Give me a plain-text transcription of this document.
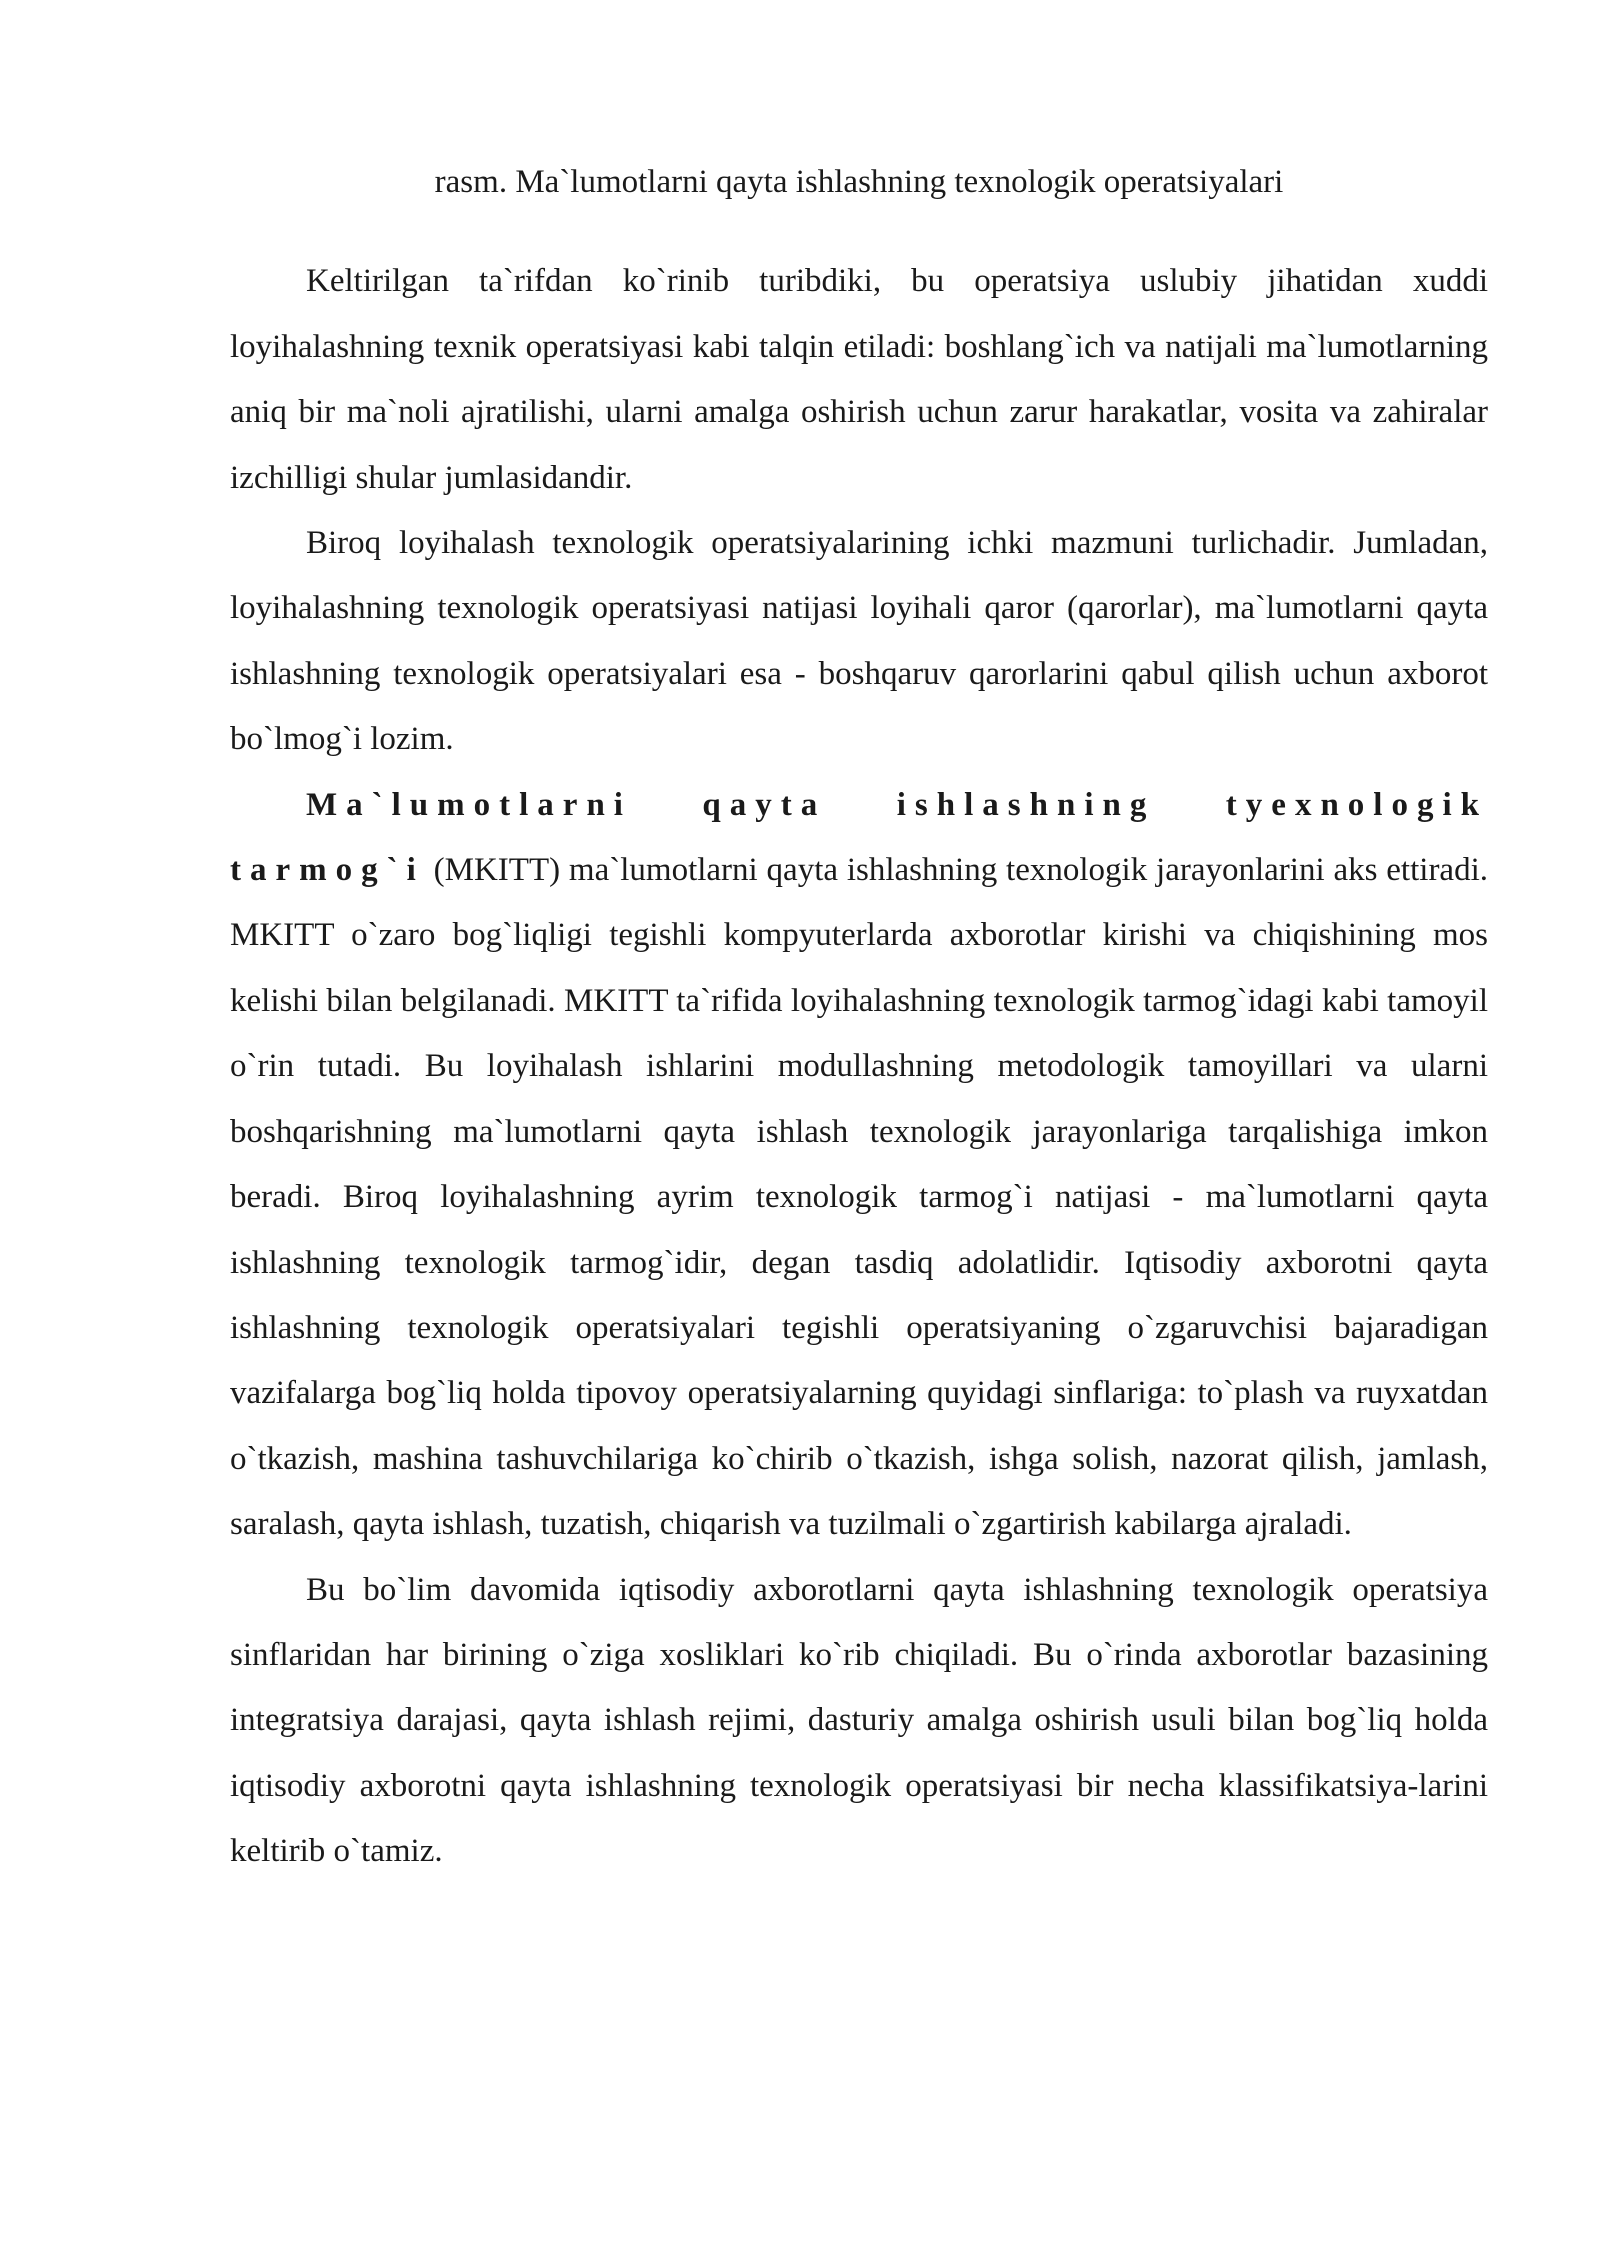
rasm. Ma`lumotlarni qayta ishlashning texnologik operatsiyalari

Keltirilgan ta`rifdan ko`rinib turibdiki, bu operatsiya uslubiy jihatidan xuddi loyihalashning texnik operatsiyasi kabi talqin etiladi: boshlang`ich va natijali ma`lumotlarning aniq bir ma`noli ajratilishi, ularni amalga oshirish uchun zarur harakatlar, vosita va zahiralar izchilligi shular jumlasidandir.

Biroq loyihalash texnologik operatsiyalarining ichki mazmuni turlichadir. Jumladan, loyihalashning texnologik operatsiyasi natijasi loyihali qaror (qarorlar), ma`lumotlarni qayta ishlashning texnologik operatsiyalari esa - boshqaruv qarorlarini qabul qilish uchun axborot bo`lmog`i lozim.

Ma`lumotlarni qayta ishlashning tyexnologik tarmog`i (MKITT) ma`lumotlarni qayta ishlashning texnologik jarayonlarini aks ettiradi. MKITT o`zaro bog`liqligi tegishli kompyuterlarda axborotlar kirishi va chiqishining mos kelishi bilan belgilanadi. MKITT ta`rifida loyihalashning texnologik tarmog`idagi kabi tamoyil o`rin tutadi. Bu loyihalash ishlarini modullashning metodologik tamoyillari va ularni boshqarishning ma`lumotlarni qayta ishlash texnologik jarayonlariga tarqalishiga imkon beradi. Biroq loyihalashning ayrim texnologik tarmog`i natijasi - ma`lumotlarni qayta ishlashning texnologik tarmog`idir, degan tasdiq adolatlidir. Iqtisodiy axborotni qayta ishlashning texnologik operatsiyalari tegishli operatsiyaning o`zgaruvchisi bajaradigan vazifalarga bog`liq holda tipovoy operatsiyalarning quyidagi sinflariga: to`plash va ruyxatdan o`tkazish, mashina tashuvchilariga ko`chirib o`tkazish, ishga solish, nazorat qilish, jamlash, saralash, qayta ishlash, tuzatish, chiqarish va tuzilmali o`zgartirish kabilarga ajraladi.

Bu bo`lim davomida iqtisodiy axborotlarni qayta ishlashning texnologik operatsiya sinflaridan har birining o`ziga xosliklari ko`rib chiqiladi. Bu o`rinda axborotlar bazasining integratsiya darajasi, qayta ishlash rejimi, dasturiy amalga oshirish usuli bilan bog`liq holda iqtisodiy axborotni qayta ishlashning texnologik operatsiyasi bir necha klassifikatsiya-larini keltirib o`tamiz.
